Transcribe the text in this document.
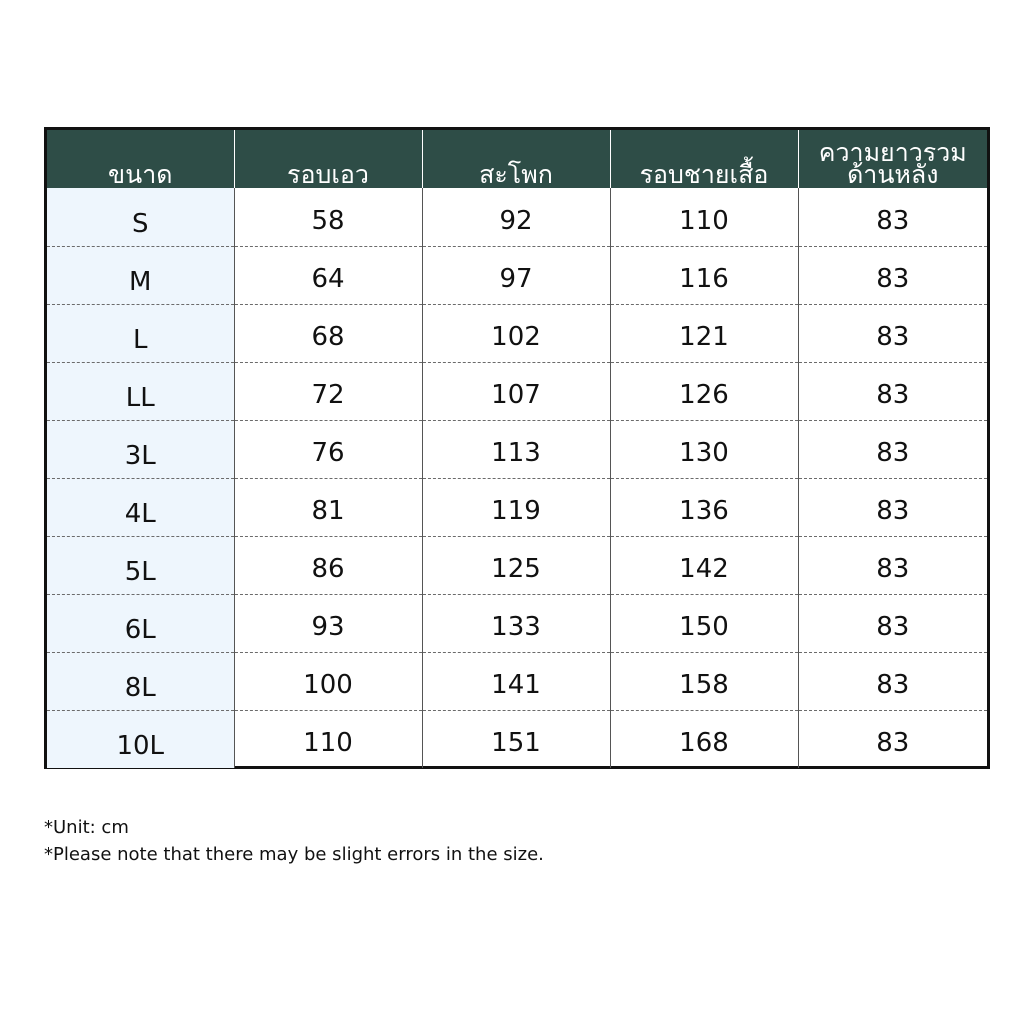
ขนาด	รอบเอว	สะโพก	รอบชายเสื้อ	ความยาวรวมด้านหลัง

S	58	92	110	83
M	64	97	116	83
L	68	102	121	83
LL	72	107	126	83
3L	76	113	130	83
4L	81	119	136	83
5L	86	125	142	83
6L	93	133	150	83
8L	100	141	158	83
10L	110	151	168	83
*Unit: cm
*Please note that there may be slight errors in the size.
